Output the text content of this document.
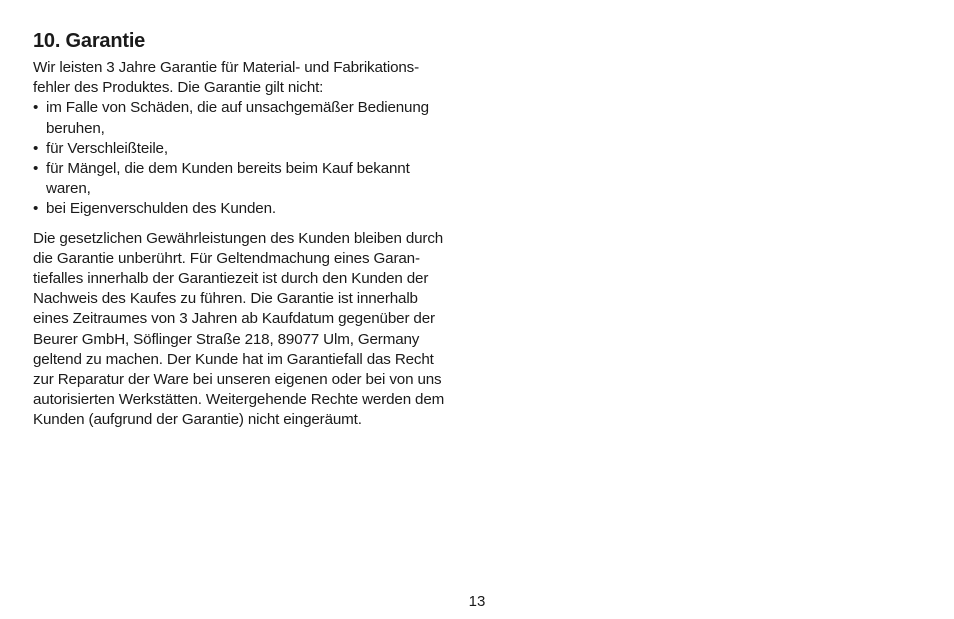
10. Garantie
Wir leisten 3 Jahre Garantie für Material- und Fabrikations-
fehler des Produktes. Die Garantie gilt nicht:
• im Falle von Schäden, die auf unsachgemäßer Bedienung
beruhen,
• für Verschleißteile,
• für Mängel, die dem Kunden bereits beim Kauf bekannt
waren,
• bei Eigenverschulden des Kunden.
Die gesetzlichen Gewährleistungen des Kunden bleiben durch
die Garantie unberührt. Für Geltendmachung eines Garan-
tiefalles innerhalb der Garantiezeit ist durch den Kunden der
Nachweis des Kaufes zu führen. Die Garantie ist innerhalb
eines Zeitraumes von 3 Jahren ab Kaufdatum gegenüber der
Beurer GmbH, Söflinger Straße 218, 89077 Ulm, Germany
geltend zu machen. Der Kunde hat im Garantiefall das Recht
zur Reparatur der Ware bei unseren eigenen oder bei von uns
autorisierten Werkstätten. Weitergehende Rechte werden dem
Kunden (aufgrund der Garantie) nicht eingeräumt.
13
